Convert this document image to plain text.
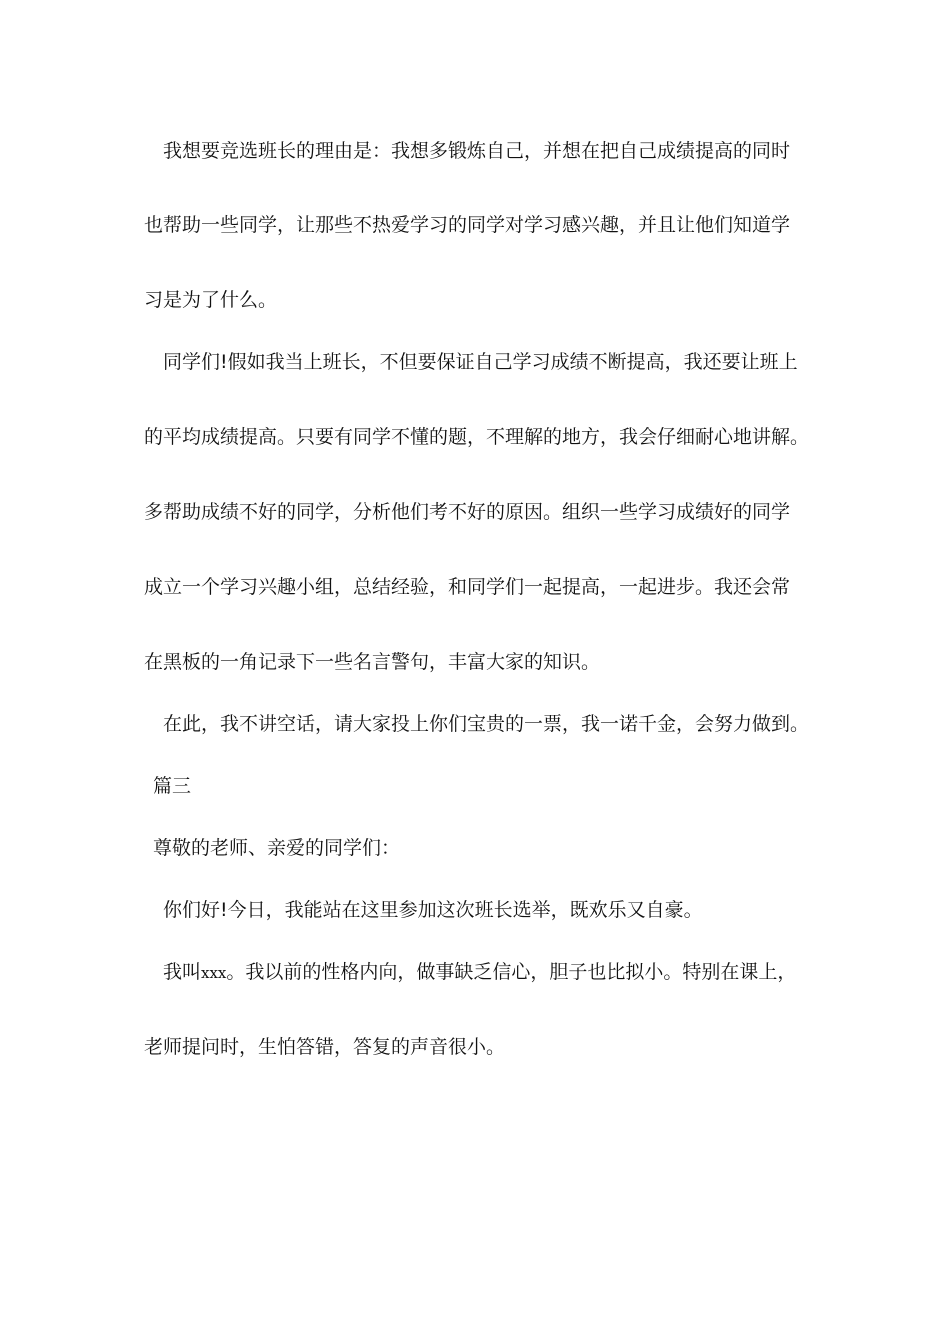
我想要竞选班长的理由是：我想多锻炼自己，并想在把自己成绩提高的同时
也帮助一些同学，让那些不热爱学习的同学对学习感兴趣，并且让他们知道学
习是为了什么。
同学们!假如我当上班长，不但要保证自己学习成绩不断提高，我还要让班上
的平均成绩提高。只要有同学不懂的题，不理解的地方，我会仔细耐心地讲解。
多帮助成绩不好的同学，分析他们考不好的原因。组织一些学习成绩好的同学
成立一个学习兴趣小组，总结经验，和同学们一起提高，一起进步。我还会常
在黑板的一角记录下一些名言警句，丰富大家的知识。
在此，我不讲空话，请大家投上你们宝贵的一票，我一诺千金，会努力做到。
篇三
尊敬的老师、亲爱的同学们：
你们好!今日，我能站在这里参加这次班长选举，既欢乐又自豪。
我叫xxx。我以前的性格内向，做事缺乏信心，胆子也比拟小。特别在课上，
老师提问时，生怕答错，答复的声音很小。
